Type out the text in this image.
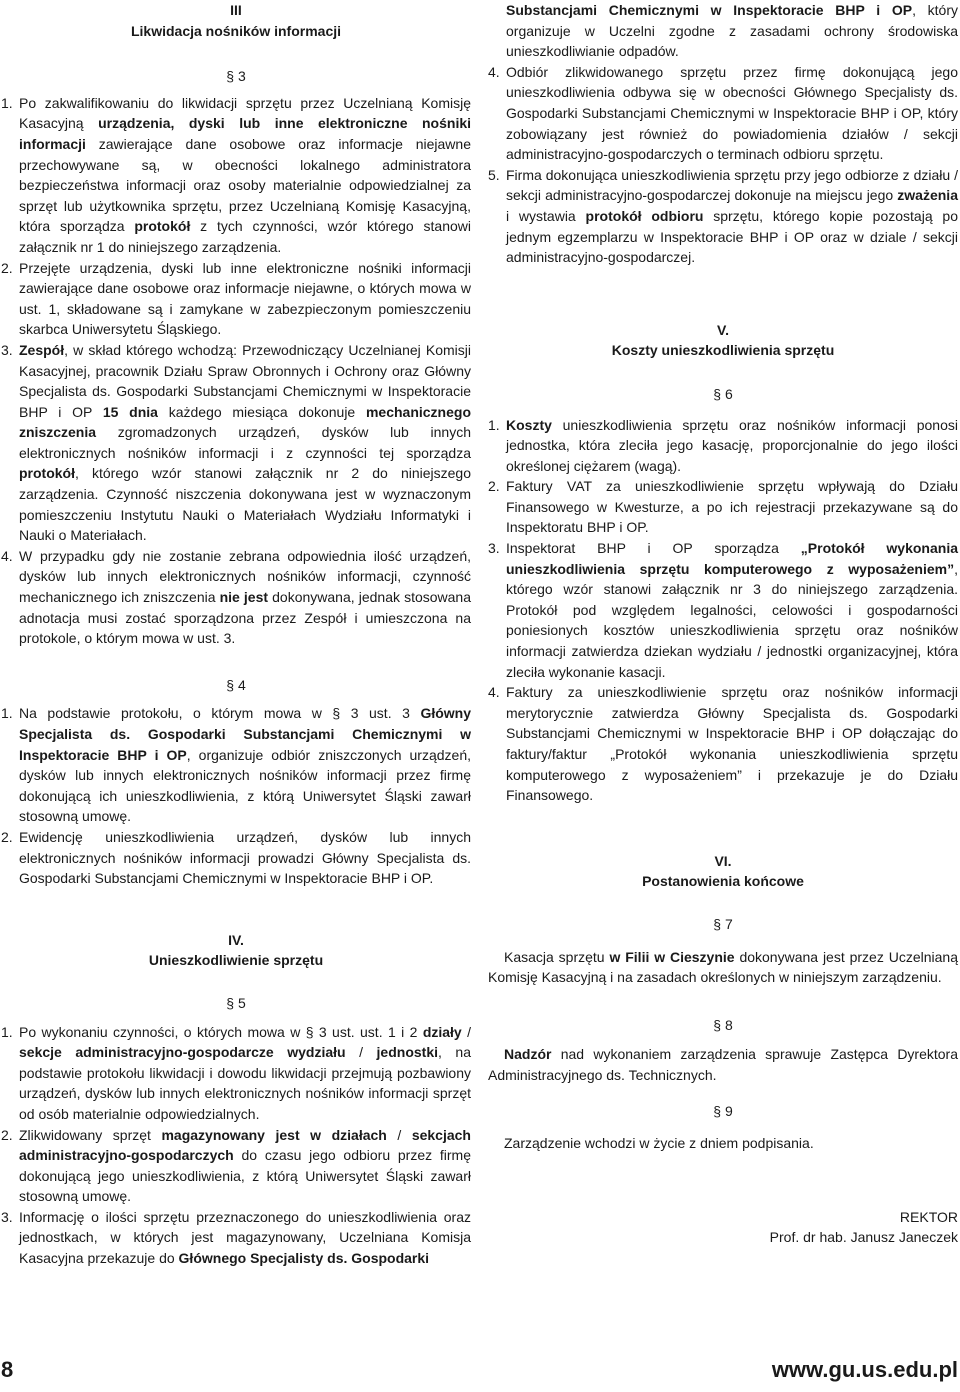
III
Likwidacja nośników informacji
§ 3
1. Po zakwalifikowaniu do likwidacji sprzętu przez Uczelnianą Komisję Kasacyjną urządzenia, dyski lub inne elektroniczne nośniki informacji zawierające dane osobowe oraz informacje niejawne przechowywane są, w obecności lokalnego administratora bezpieczeństwa informacji oraz osoby materialnie odpowiedzialnej za sprzęt lub użytkownika sprzętu, przez Uczelnianą Komisję Kasacyjną, która sporządza protokół z tych czynności, wzór którego stanowi załącznik nr 1 do niniejszego zarządzenia.
2. Przejęte urządzenia, dyski lub inne elektroniczne nośniki informacji zawierające dane osobowe oraz informacje niejawne, o których mowa w ust. 1, składowane są i zamykane w zabezpieczonym pomieszczeniu skarbca Uniwersytetu Śląskiego.
3. Zespół, w skład którego wchodzą: Przewodniczący Uczelnianej Komisji Kasacyjnej, pracownik Działu Spraw Obronnych i Ochrony oraz Główny Specjalista ds. Gospodarki Substancjami Chemicznymi w Inspektoracie BHP i OP 15 dnia każdego miesiąca dokonuje mechanicznego zniszczenia zgromadzonych urządzeń, dysków lub innych elektronicznych nośników informacji i z czynności tej sporządza protokół, którego wzór stanowi załącznik nr 2 do niniejszego zarządzenia. Czynność niszczenia dokonywana jest w wyznaczonym pomieszczeniu Instytutu Nauki o Materiałach Wydziału Informatyki i Nauki o Materiałach.
4. W przypadku gdy nie zostanie zebrana odpowiednia ilość urządzeń, dysków lub innych elektronicznych nośników informacji, czynność mechanicznego ich zniszczenia nie jest dokonywana, jednak stosowana adnotacja musi zostać sporządzona przez Zespół i umieszczona na protokole, o którym mowa w ust. 3.
§ 4
1. Na podstawie protokołu, o którym mowa w § 3 ust. 3 Główny Specjalista ds. Gospodarki Substancjami Chemicznymi w Inspektoracie BHP i OP, organizuje odbiór zniszczonych urządzeń, dysków lub innych elektronicznych nośników informacji przez firmę dokonującą ich unieszkodliwienia, z którą Uniwersytet Śląski zawarł stosowną umowę.
2. Ewidencję unieszkodliwienia urządzeń, dysków lub innych elektronicznych nośników informacji prowadzi Główny Specjalista ds. Gospodarki Substancjami Chemicznymi w Inspektoracie BHP i OP.
IV.
Unieszkodliwienie sprzętu
§ 5
1. Po wykonaniu czynności, o których mowa w § 3 ust. ust. 1 i 2 działy / sekcje administracyjno-gospodarcze wydziału / jednostki, na podstawie protokołu likwidacji i dowodu likwidacji przejmują pozbawiony urządzeń, dysków lub innych elektronicznych nośników informacji sprzęt od osób materialnie odpowiedzialnych.
2. Zlikwidowany sprzęt magazynowany jest w działach / sekcjach administracyjno-gospodarczych do czasu jego odbioru przez firmę dokonującą jego unieszkodliwienia, z którą Uniwersytet Śląski zawarł stosowną umowę.
3. Informację o ilości sprzętu przeznaczonego do unieszkodliwienia oraz jednostkach, w których jest magazynowany, Uczelniana Komisja Kasacyjna przekazuje do Głównego Specjalisty ds. Gospodarki
Substancjami Chemicznymi w Inspektoracie BHP i OP, który organizuje w Uczelni zgodne z zasadami ochrony środowiska unieszkodliwianie odpadów.
4. Odbiór zlikwidowanego sprzętu przez firmę dokonującą jego unieszkodliwienia odbywa się w obecności Głównego Specjalisty ds. Gospodarki Substancjami Chemicznymi w Inspektoracie BHP i OP, który zobowiązany jest również do powiadomienia działów / sekcji administracyjno-gospodarczych o terminach odbioru sprzętu.
5. Firma dokonująca unieszkodliwienia sprzętu przy jego odbiorze z działu / sekcji administracyjno-gospodarczej dokonuje na miejscu jego zważenia i wystawia protokół odbioru sprzętu, którego kopie pozostają po jednym egzemplarzu w Inspektoracie BHP i OP oraz w dziale / sekcji administracyjno-gospodarczej.
V.
Koszty unieszkodliwienia sprzętu
§ 6
1. Koszty unieszkodliwienia sprzętu oraz nośników informacji ponosi jednostka, która zleciła jego kasację, proporcjonalnie do jego ilości określonej ciężarem (wagą).
2. Faktury VAT za unieszkodliwienie sprzętu wpływają do Działu Finansowego w Kwesturze, a po ich rejestracji przekazywane są do Inspektoratu BHP i OP.
3. Inspektorat BHP i OP sporządza „Protokół wykonania unieszkodliwienia sprzętu komputerowego z wyposażeniem”, którego wzór stanowi załącznik nr 3 do niniejszego zarządzenia. Protokół pod względem legalności, celowości i gospodarności poniesionych kosztów unieszkodliwienia sprzętu oraz nośników informacji zatwierdza dziekan wydziału / jednostki organizacyjnej, która zleciła wykonanie kasacji.
4. Faktury za unieszkodliwienie sprzętu oraz nośników informacji merytorycznie zatwierdza Główny Specjalista ds. Gospodarki Substancjami Chemicznymi w Inspektoracie BHP i OP dołączając do faktury/faktur „Protokół wykonania unieszkodliwienia sprzętu komputerowego z wyposażeniem” i przekazuje je do Działu Finansowego.
VI.
Postanowienia końcowe
§ 7

Kasacja sprzętu w Filii w Cieszynie dokonywana jest przez Uczelnianą Komisję Kasacyjną i na zasadach określonych w niniejszym zarządzeniu.

§ 8

Nadzór nad wykonaniem zarządzenia sprawuje Zastępca Dyrektora Administracyjnego ds. Technicznych.

§ 9

Zarządzenie wchodzi w życie z dniem podpisania.

REKTOR
Prof. dr hab. Janusz Janeczek
8	www.gu.us.edu.pl
